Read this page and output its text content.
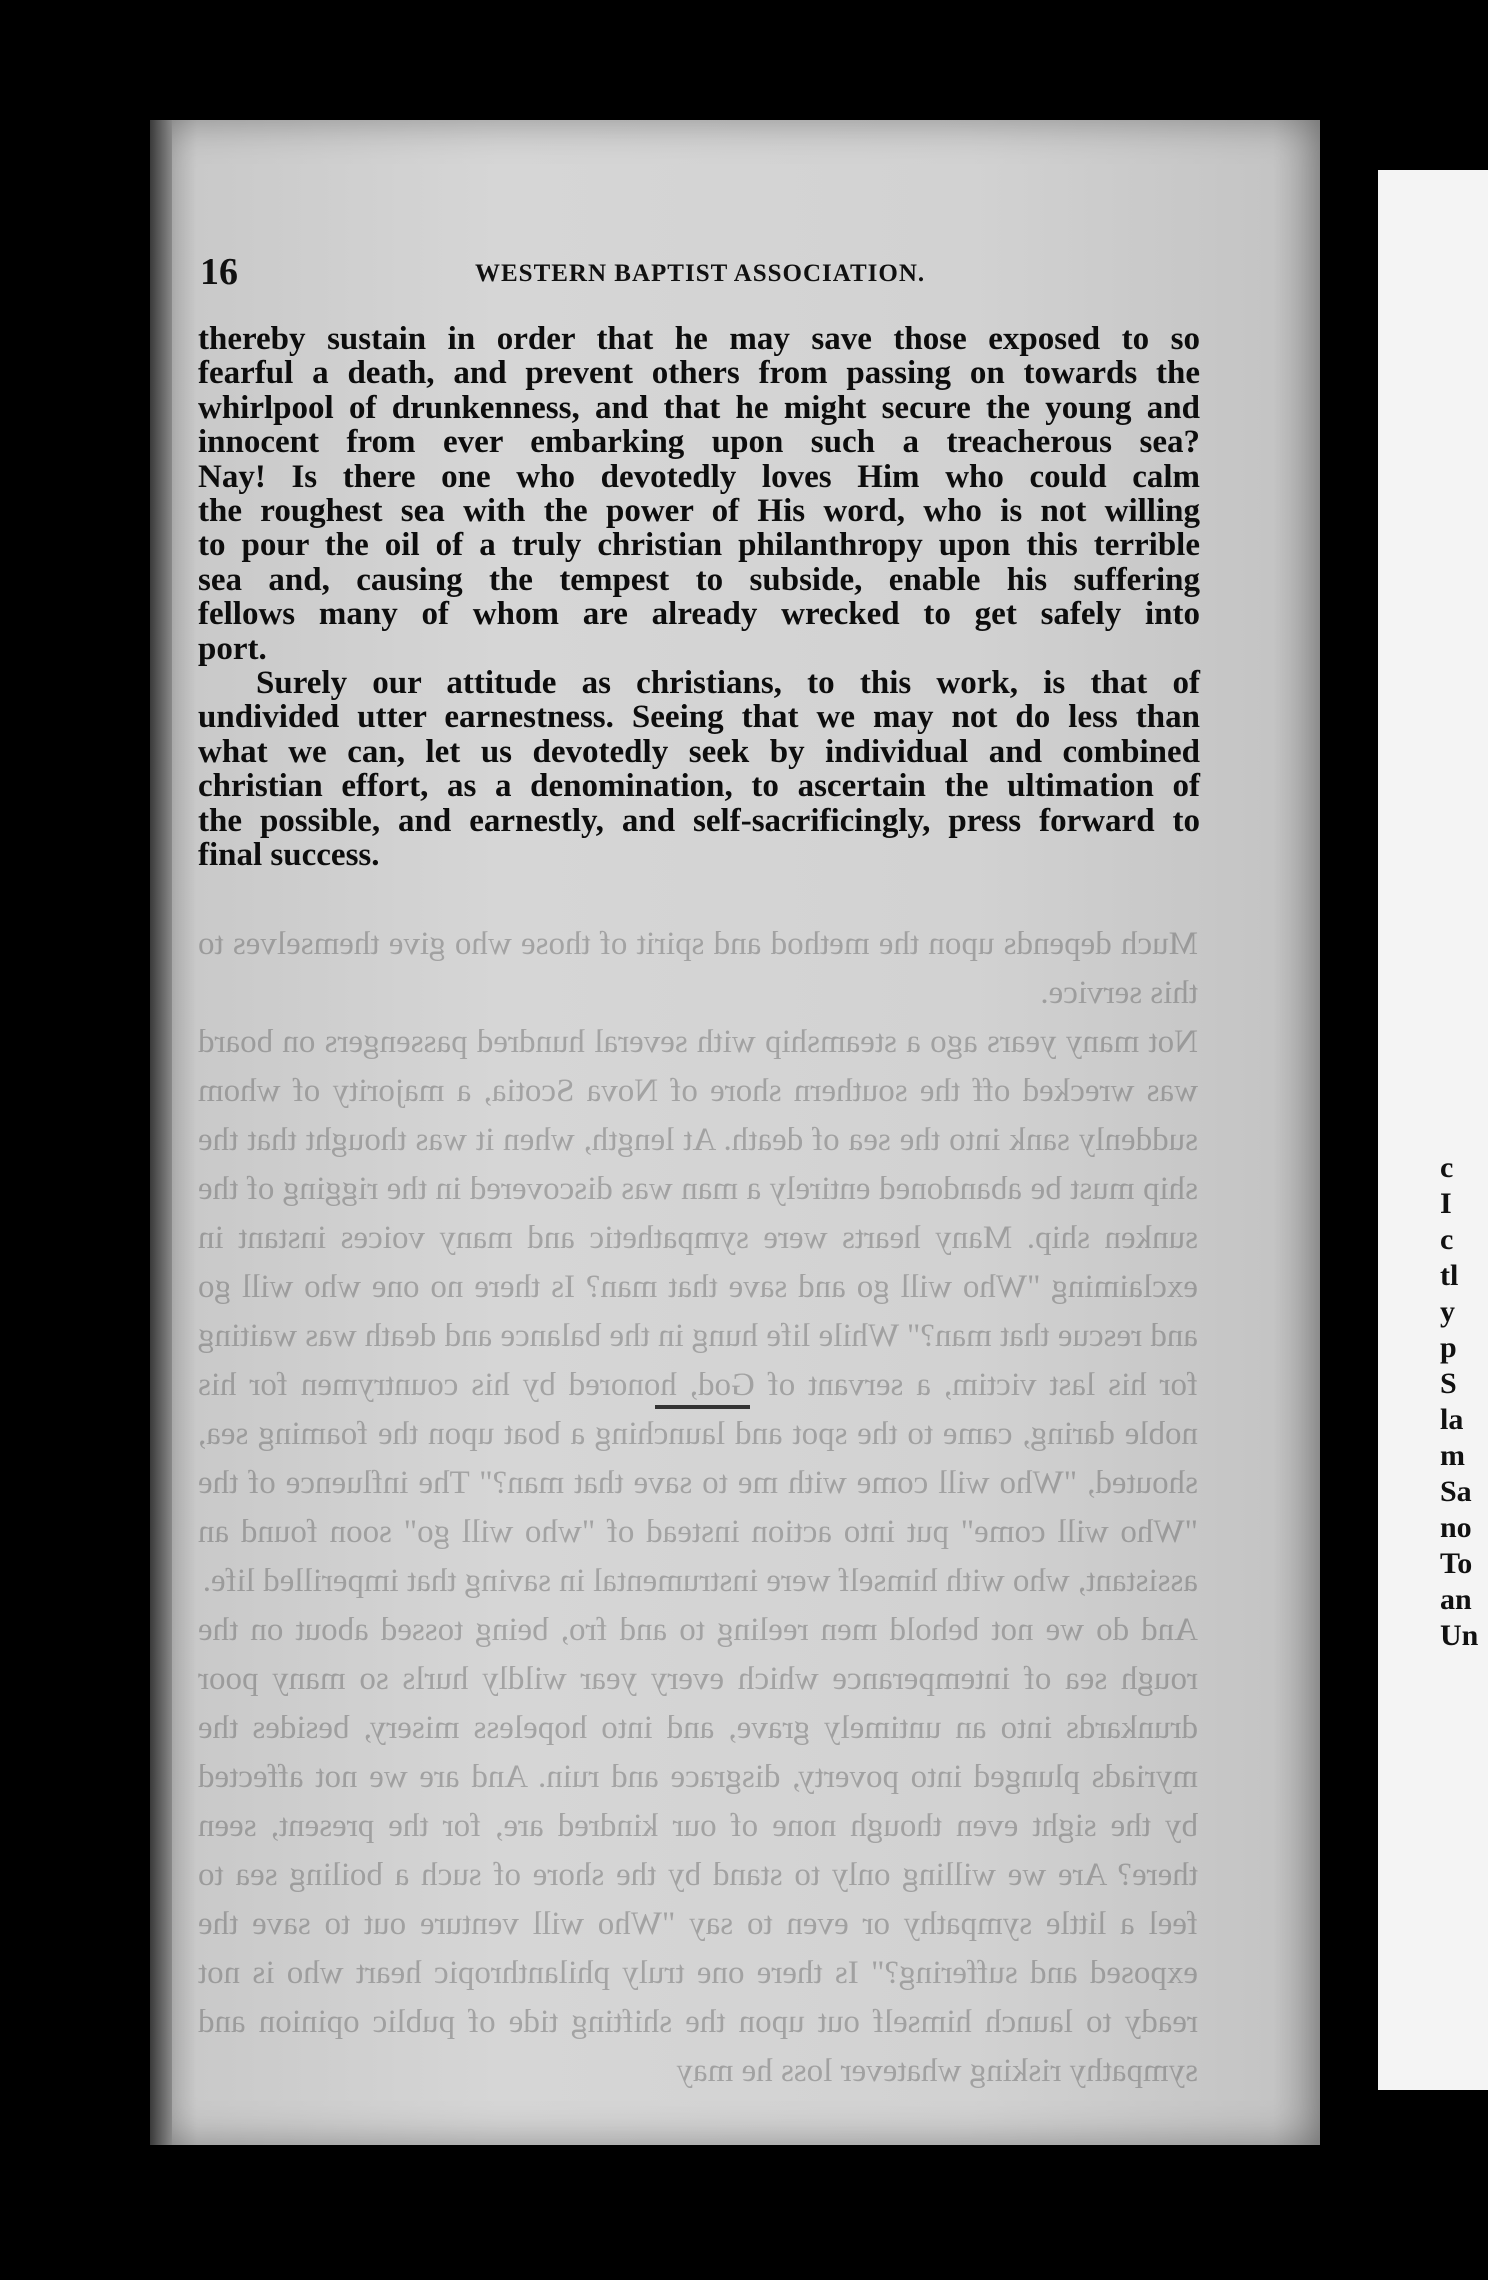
Much depends upon the method and spirit of those who give themselves to this service.

Not many years ago a steamship with several hundred passengers on board was wrecked off the southern shore of Nova Scotia, a majority of whom suddenly sank into the sea of death. At length, when it was thought that the ship must be abandoned entirely a man was discovered in the rigging of the sunken ship. Many hearts were sympathetic and many voices instant in exclaiming "Who will go and save that man? Is there no one who will go and rescue that man?" While life hung in the balance and death was waiting for his last victim, a servant of God, honored by his countrymen for his noble daring, came to the spot and launching a boat upon the foaming sea, shouted, "Who will come with me to save that man?" The influence of the "Who will come" put into action instead of "who will go" soon found an assistant, who with himself were instrumental in saving that imperilled life.

And do we not behold men reeling to and fro, being tossed about on the rough sea of intemperance which every year wildly hurls so many poor drunkards into an untimely grave, and into hopeless misery, besides the myriads plunged into poverty, disgrace and ruin. And are we not affected by the sight even though none of our kindred are, for the present, seen there? Are we willing only to stand by the shore of such a boiling sea to feel a little sympathy or even to say "Who will venture out to save the exposed and suffering?" Is there one truly philanthropic heart who is not ready to launch himself out upon the shifting tide of public opinion and sympathy risking whatever loss he may

16	WESTERN BAPTIST ASSOCIATION.
thereby sustain in order that he may save those exposed to so
fearful a death, and prevent others from passing on towards the
whirlpool of drunkenness, and that he might secure the young and
innocent from ever embarking upon such a treacherous sea?
Nay! Is there one who devotedly loves Him who could calm
the roughest sea with the power of His word, who is not willing
to pour the oil of a truly christian philanthropy upon this terrible
sea and, causing the tempest to subside, enable his suffering
fellows many of whom are already wrecked to get safely into
port.
Surely our attitude as christians, to this work, is that of
undivided utter earnestness. Seeing that we may not do less than
what we can, let us devotedly seek by individual and combined
christian effort, as a denomination, to ascertain the ultimation of
the possible, and earnestly, and self-sacrificingly, press forward to
final success.
c
I
c
tl
y
p
S
la
m
Sa
no
To
an
Un
